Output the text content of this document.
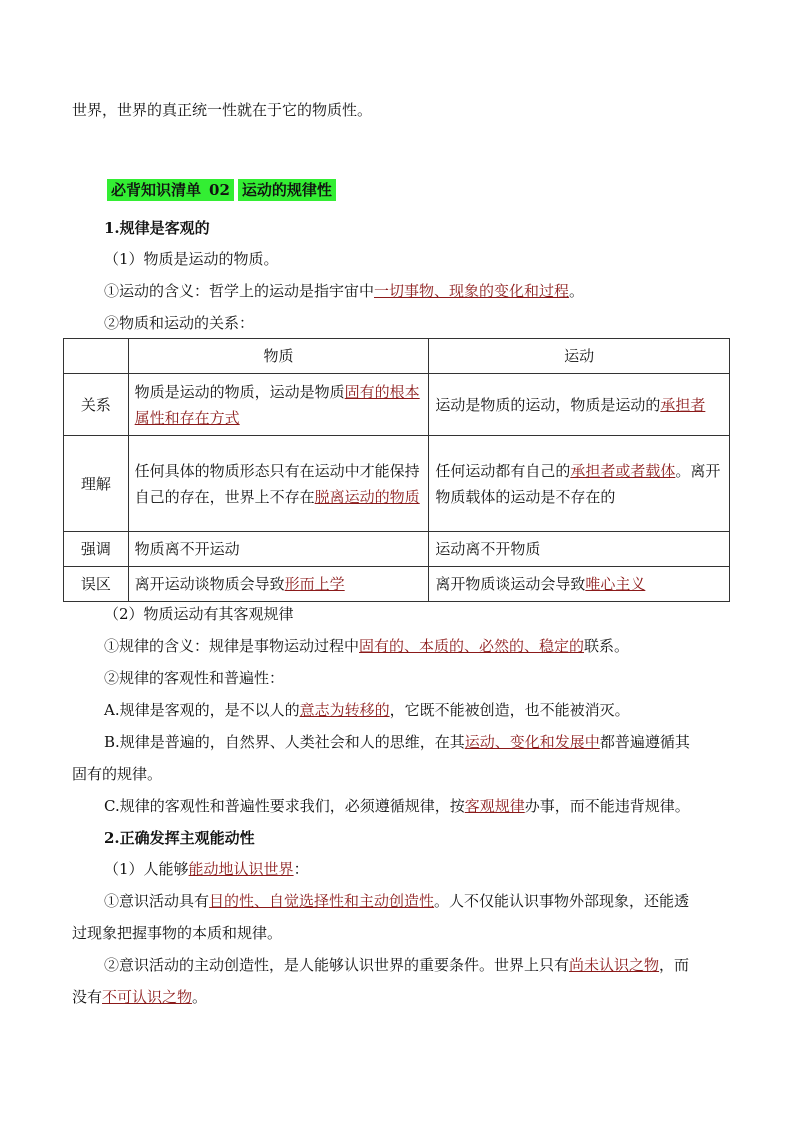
世界，世界的真正统一性就在于它的物质性。
必背知识清单 02 运动的规律性
1.规律是客观的
（1）物质是运动的物质。
①运动的含义：哲学上的运动是指宇宙中一切事物、现象的变化和过程。
②物质和运动的关系：
	物质	运动
关系	物质是运动的物质，运动是物质固有的根本属性和存在方式	运动是物质的运动，物质是运动的承担者
理解	任何具体的物质形态只有在运动中才能保持自己的存在，世界上不存在脱离运动的物质	任何运动都有自己的承担者或者载体。离开物质载体的运动是不存在的
强调	物质离不开运动	运动离不开物质
误区	离开运动谈物质会导致形而上学	离开物质谈运动会导致唯心主义
（2）物质运动有其客观规律
①规律的含义：规律是事物运动过程中固有的、本质的、必然的、稳定的联系。
②规律的客观性和普遍性：
A.规律是客观的，是不以人的意志为转移的，它既不能被创造，也不能被消灭。
B.规律是普遍的，自然界、人类社会和人的思维，在其运动、变化和发展中都普遍遵循其
固有的规律。
C.规律的客观性和普遍性要求我们，必须遵循规律，按客观规律办事，而不能违背规律。
2.正确发挥主观能动性
（1）人能够能动地认识世界：
①意识活动具有目的性、自觉选择性和主动创造性。人不仅能认识事物外部现象，还能透
过现象把握事物的本质和规律。
②意识活动的主动创造性，是人能够认识世界的重要条件。世界上只有尚未认识之物，而
没有不可认识之物。
